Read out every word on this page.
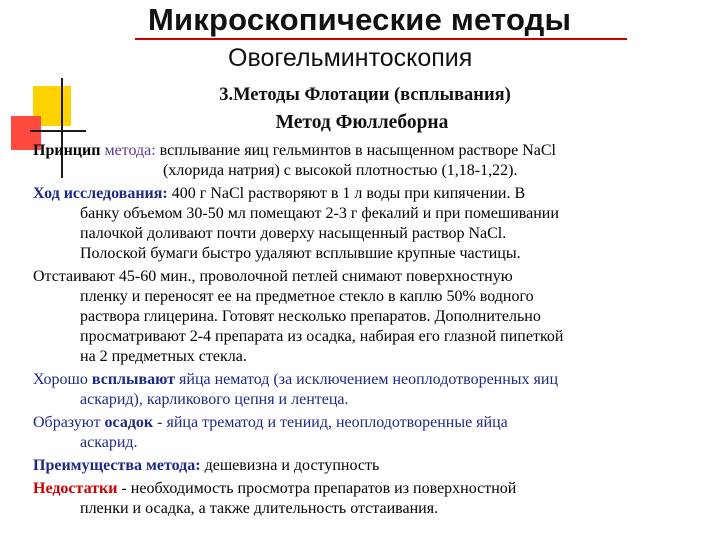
Микроскопические методы
Овогельминтоскопия
3.Методы Флотации (всплывания)
Метод Фюллеборна
Принцип метода: всплывание яиц гельминтов в насыщенном растворе NaCl
(хлорида натрия) с высокой плотностью (1,18-1,22).
Ход исследования: 400 г NaCl растворяют в 1 л воды при кипячении. В
банку объемом 30-50 мл помещают 2-3 г фекалий и при помешивании
палочкой доливают почти доверху насыщенный раствор NaCl.
Полоской бумаги быстро удаляют всплывшие крупные частицы.
Отстаивают 45-60 мин., проволочной петлей снимают поверхностную
пленку и переносят ее на предметное стекло в каплю 50% водного
раствора глицерина. Готовят несколько препаратов. Дополнительно
просматривают 2-4 препарата из осадка, набирая его глазной пипеткой
на 2 предметных стекла.
Хорошо всплывают яйца нематод (за исключением неоплодотворенных яиц
аскарид), карликового цепня и лентеца.
Образуют осадок - яйца трематод и тениид, неоплодотворенные яйца
аскарид.
Преимущества метода: дешевизна и доступность
Недостатки - необходимость просмотра препаратов из поверхностной
пленки и осадка, а также длительность отстаивания.
